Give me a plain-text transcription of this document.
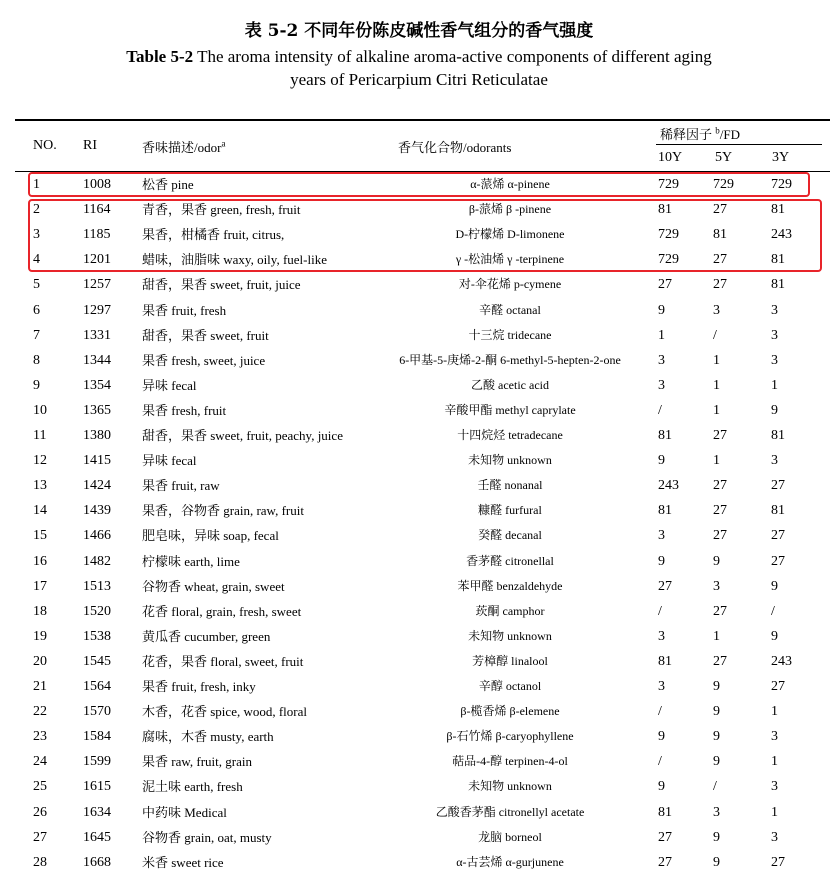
表 5-2 不同年份陈皮碱性香气组分的香气强度
Table 5-2 The aroma intensity of alkaline aroma-active components of different aging
years of Pericarpium Citri Reticulatae
NO. RI	香味描述/odor$^a$	香气化合物/odorants
稀释因子 $^b$/FD
10Y 5Y	3Y
1	1008	松香 pine	α-蒎烯 α-pinene	729	729	729
2	1164	青香，果香 green, fresh, fruit	β-蒎烯 β -pinene	81	27	81
3	1185	果香，柑橘香 fruit, citrus,	D-柠檬烯 D-limonene	729	81	243
4	1201	蜡味，油脂味 waxy, oily, fuel-like	γ -松油烯 γ -terpinene	729	27	81
5	1257	甜香，果香 sweet, fruit, juice	对-伞花烯 p-cymene	27	27	81
6	1297	果香 fruit, fresh	辛醛 octanal	9	3	3
7	1331	甜香，果香 sweet, fruit	十三烷 tridecane	1	/	3
8	1344	果香 fresh, sweet, juice	6-甲基-5-庚烯-2-酮 6-methyl-5-hepten-2-one	3	1	3
9	1354	异味 fecal	乙酸 acetic acid	3	1	1
10	1365	果香 fresh, fruit	辛酸甲酯 methyl caprylate	/	1	9
11	1380	甜香，果香 sweet, fruit, peachy, juice	十四烷烃 tetradecane	81	27	81
12	1415	异味 fecal	未知物 unknown	9	1	3
13	1424	果香 fruit, raw	壬醛 nonanal	243	27	27
14	1439	果香，谷物香 grain, raw, fruit	糠醛 furfural	81	27	81
15	1466	肥皂味，异味 soap, fecal	癸醛 decanal	3	27	27
16	1482	柠檬味 earth, lime	香茅醛 citronellal	9	9	27
17	1513	谷物香 wheat, grain, sweet	苯甲醛 benzaldehyde	27	3	9
18	1520	花香 floral, grain, fresh, sweet	莰酮 camphor	/	27	/
19	1538	黄瓜香 cucumber, green	未知物 unknown	3	1	9
20	1545	花香，果香 floral, sweet, fruit	芳樟醇 linalool	81	27	243
21	1564	果香 fruit, fresh, inky	辛醇 octanol	3	9	27
22	1570	木香，花香 spice, wood, floral	β-榄香烯 β-elemene	/	9	1
23	1584	腐味，木香 musty, earth	β-石竹烯 β-caryophyllene	9	9	3
24	1599	果香 raw, fruit, grain	萜品-4-醇 terpinen-4-ol	/	9	1
25	1615	泥土味 earth, fresh	未知物 unknown	9	/	3
26	1634	中药味 Medical	乙酸香茅酯 citronellyl acetate	81	3	1
27	1645	谷物香 grain, oat, musty	龙脑 borneol	27	9	3
28	1668	米香 sweet rice	α-古芸烯 α-gurjunene	27	9	27
